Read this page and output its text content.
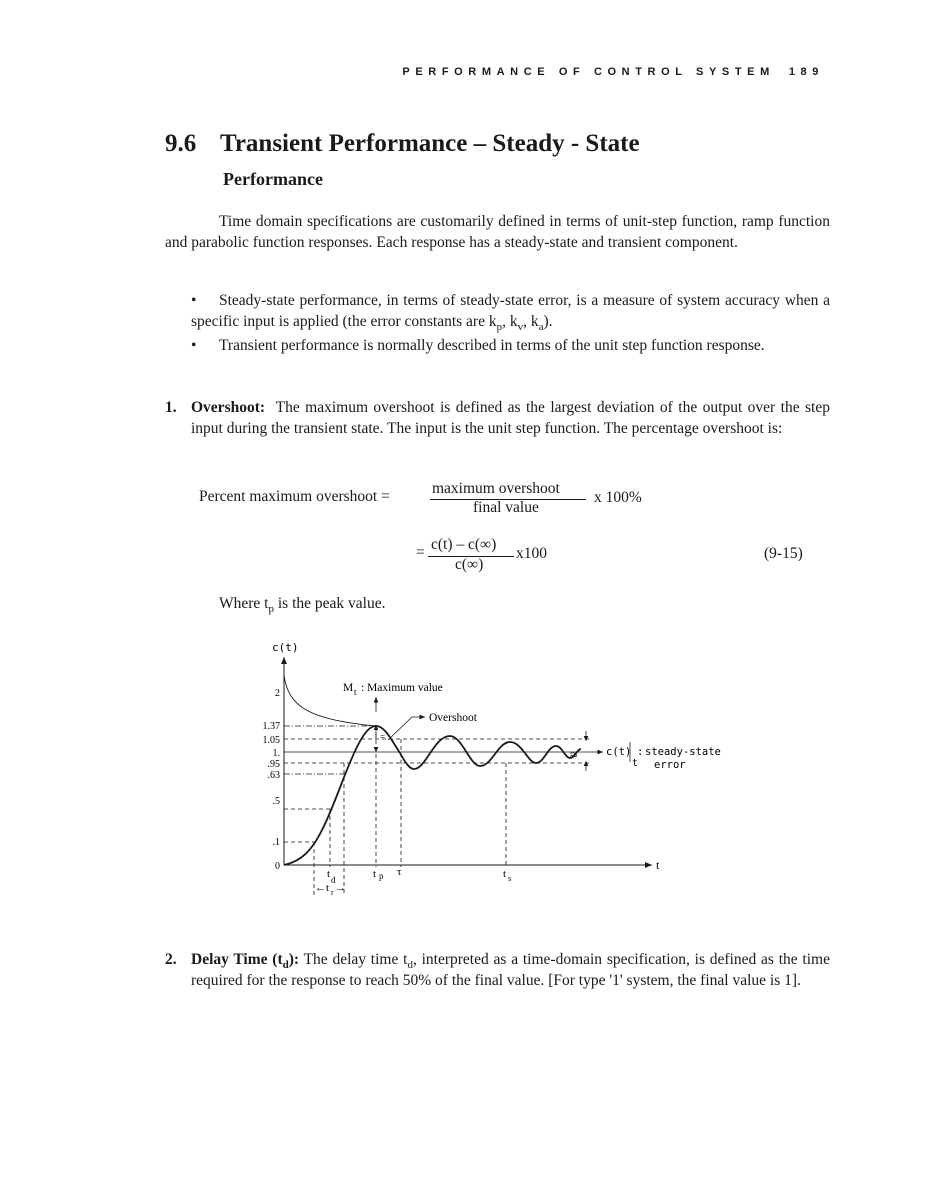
PERFORMANCE OF CONTROL SYSTEM 189
9.6 Transient Performance – Steady - State
Performance
Time domain specifications are customarily defined in terms of unit-step function, ramp function and parabolic function responses. Each response has a steady-state and transient component.
• Steady-state performance, in terms of steady-state error, is a measure of system accuracy when a specific input is applied (the error constants are $k_p$, $k_v$, $k_a$).
• Transient performance is normally described in terms of the unit step function response.
1. Overshoot: The maximum overshoot is defined as the largest deviation of the output over the step input during the transient state. The input is the unit step function. The percentage overshoot is:
Percent maximum overshoot =	maximum overshoot
final value
x 100%
= c(t) – c(∞)
c(∞)
x100	(9-15)
Where $t_p$ is the peak value.
c(t)
t
2
1.37
1.05
1.
.95
.63
.5
.1
0
≈	c(t)
t
: steady-state
error
M t : Maximum value
=
Overshoot
t d
←t r →
t p τ	t s
2. Delay Time $(t_d)$: The delay time $t_d$, interpreted as a time-domain specification, is defined as the time required for the response to reach 50% of the final value. [For type '1' system, the final value is 1].
